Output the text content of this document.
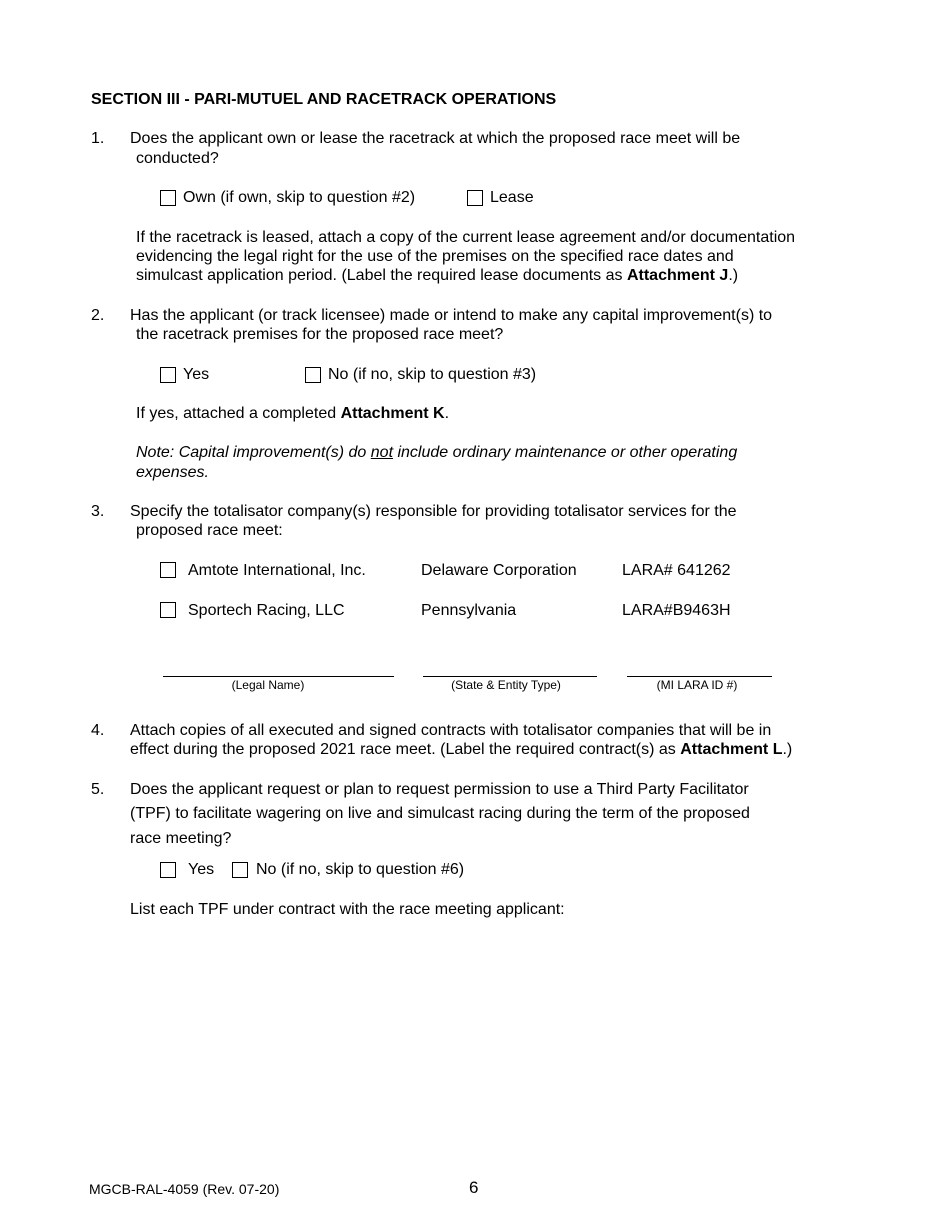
SECTION III - PARI-MUTUEL AND RACETRACK OPERATIONS
1. Does the applicant own or lease the racetrack at which the proposed race meet will be
conducted?
Own (if own, skip to question #2)	Lease
If the racetrack is leased, attach a copy of the current lease agreement and/or documentation
evidencing the legal right for the use of the premises on the specified race dates and
simulcast application period. (Label the required lease documents as Attachment J.)
2. Has the applicant (or track licensee) made or intend to make any capital improvement(s) to
the racetrack premises for the proposed race meet?
Yes	No (if no, skip to question #3)
If yes, attached a completed Attachment K.
Note: Capital improvement(s) do not include ordinary maintenance or other operating
expenses.
3. Specify the totalisator company(s) responsible for providing totalisator services for the
proposed race meet:
Amtote International, Inc.	Delaware Corporation	LARA# 641262
Sportech Racing, LLC	Pennsylvania	LARA#B9463H
(Legal Name)	(State & Entity Type)	(MI LARA ID #)
4. Attach copies of all executed and signed contracts with totalisator companies that will be in
effect during the proposed 2021 race meet. (Label the required contract(s) as Attachment L.)
5. Does the applicant request or plan to request permission to use a Third Party Facilitator
(TPF) to facilitate wagering on live and simulcast racing during the term of the proposed
race meeting?
Yes	No (if no, skip to question #6)
List each TPF under contract with the race meeting applicant:
MGCB-RAL-4059 (Rev. 07-20)	6
